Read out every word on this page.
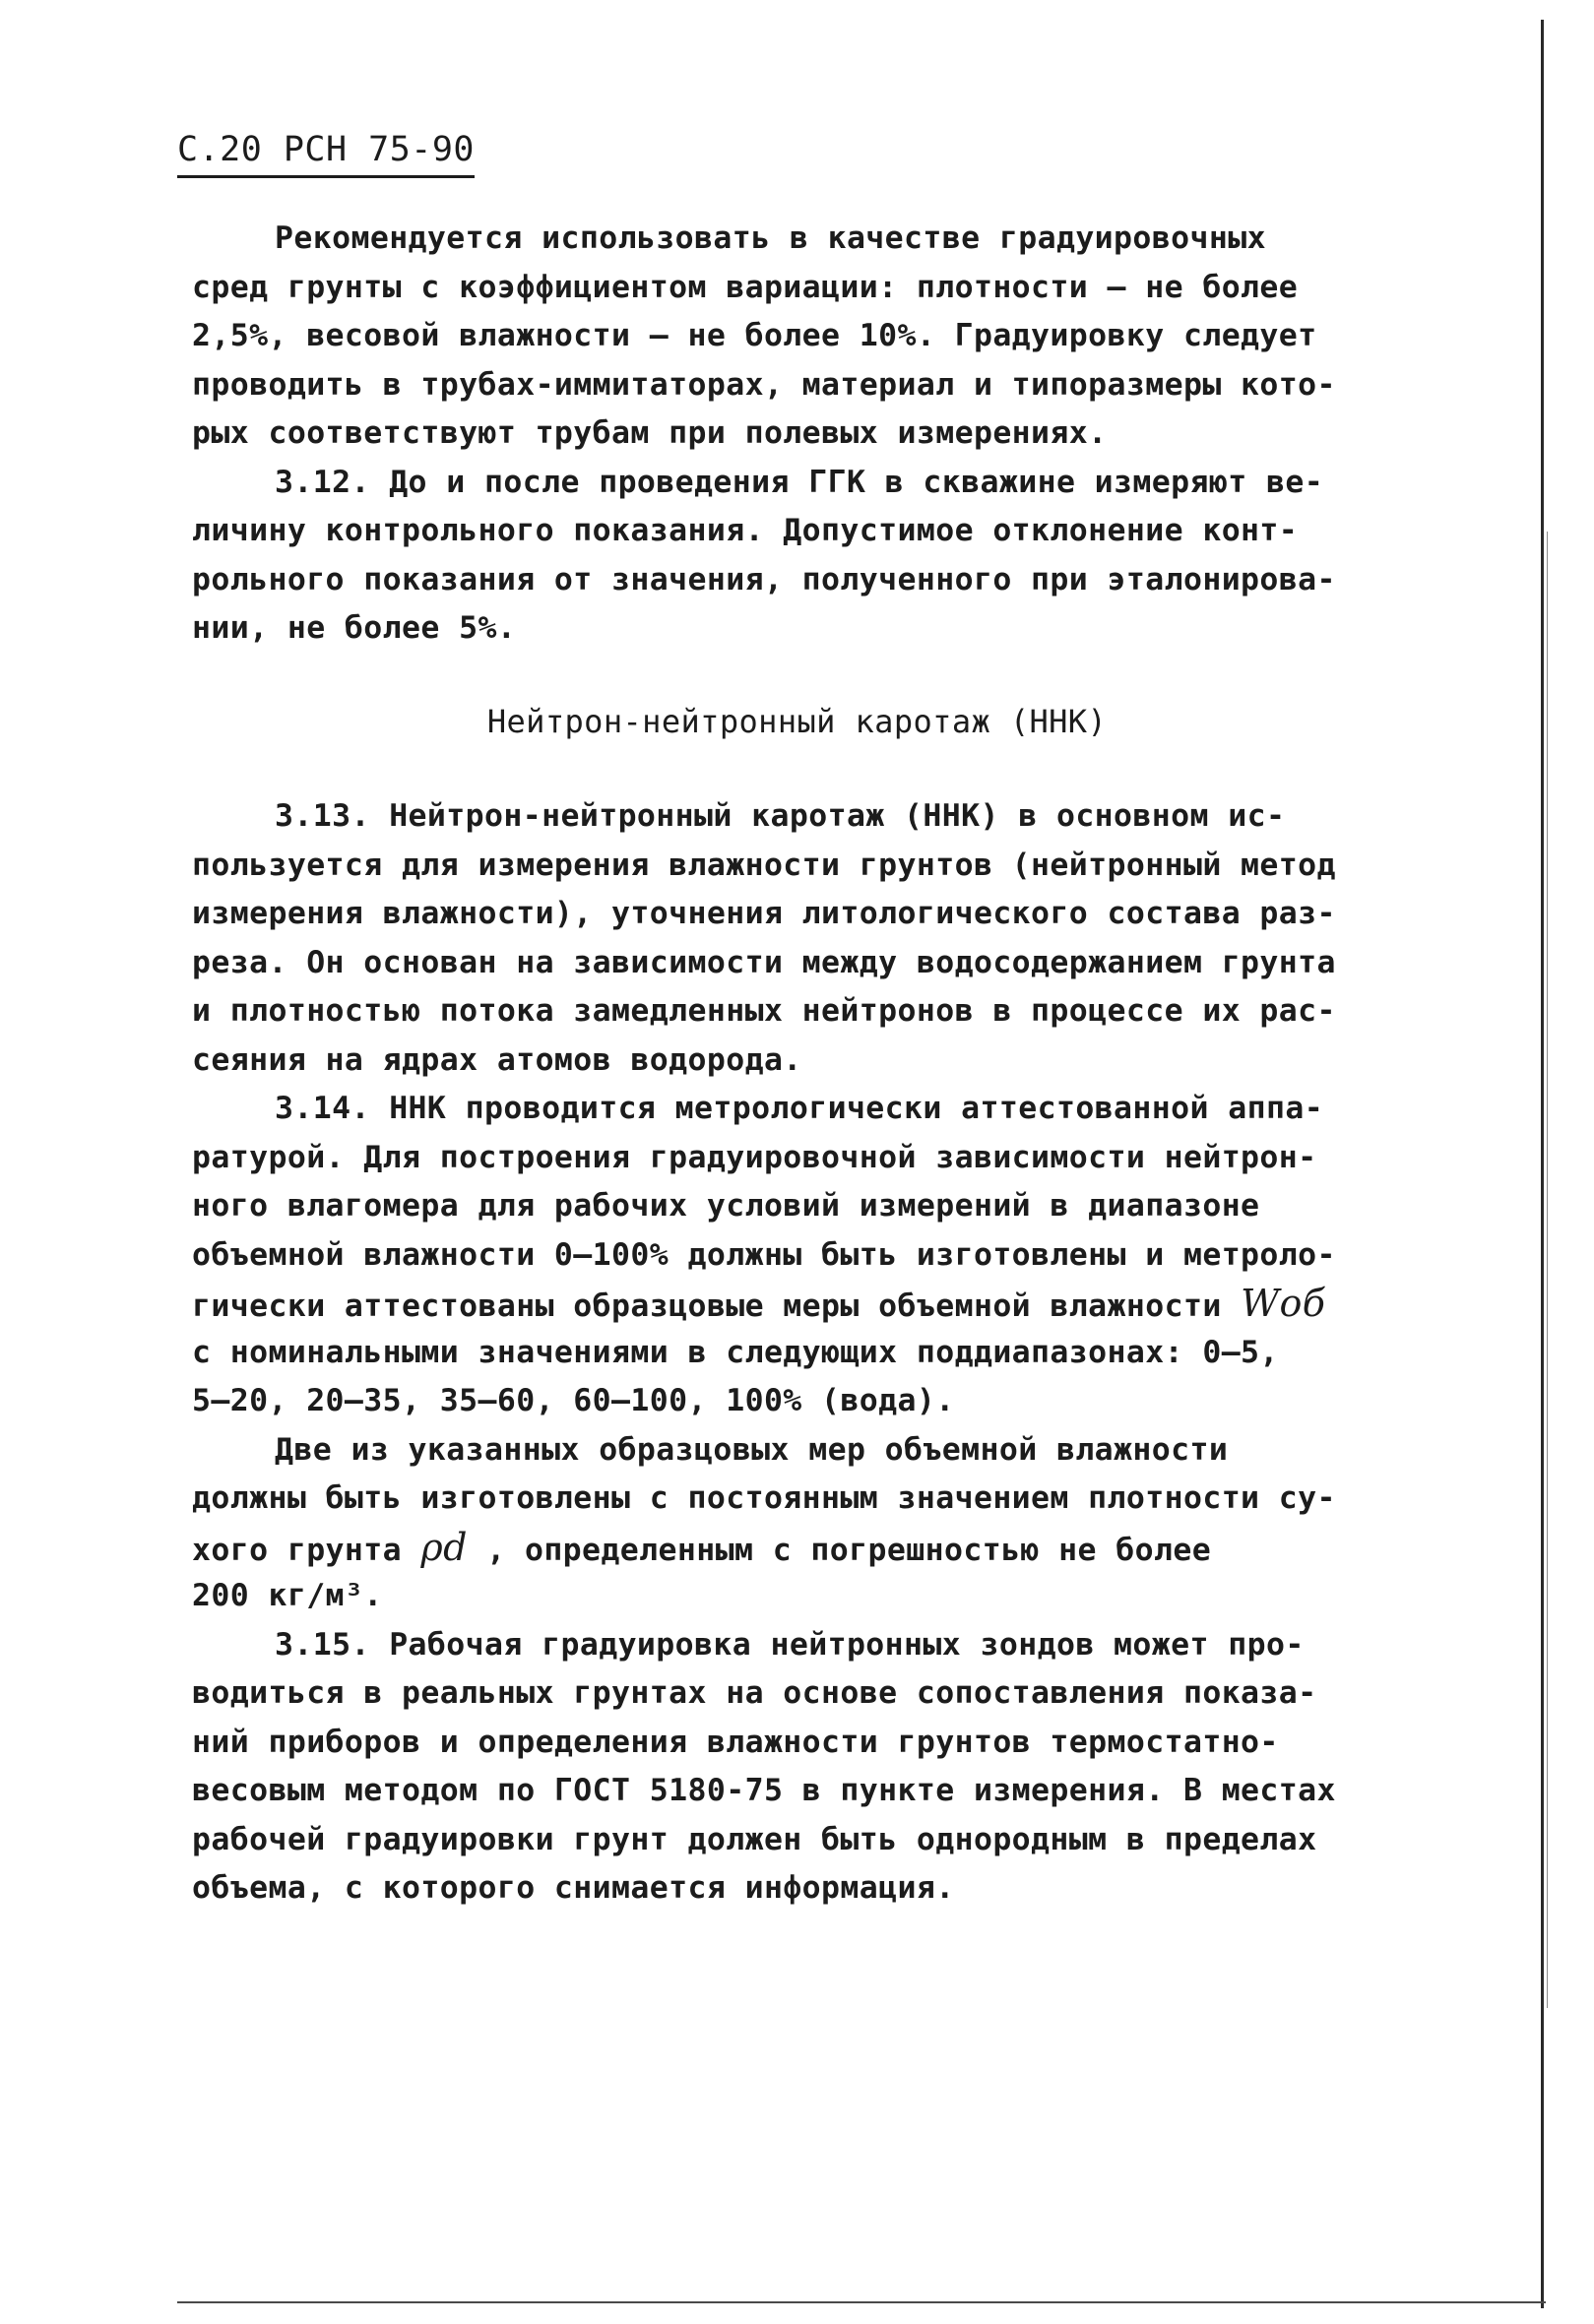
С.20 РСН 75-90
Рекомендуется использовать в качестве градуировочных
сред грунты с коэффициентом вариации: плотности – не более
2,5%, весовой влажности – не более 10%. Градуировку следует
проводить в трубах-иммитаторах, материал и типоразмеры кото-
рых соответствуют трубам при полевых измерениях.
3.12. До и после проведения ГГК в скважине измеряют ве-
личину контрольного показания. Допустимое отклонение конт-
рольного показания от значения, полученного при эталонирова-
нии, не более 5%.
Нейтрон-нейтронный каротаж (ННК)
3.13. Нейтрон-нейтронный каротаж (ННК) в основном ис-
пользуется для измерения влажности грунтов (нейтронный метод
измерения влажности), уточнения литологического состава раз-
реза. Он основан на зависимости между водосодержанием грунта
и плотностью потока замедленных нейтронов в процессе их рас-
сеяния на ядрах атомов водорода.
3.14. ННК проводится метрологически аттестованной аппа-
ратурой. Для построения градуировочной зависимости нейтрон-
ного влагомера для рабочих условий измерений в диапазоне
объемной влажности 0–100% должны быть изготовлены и метроло-
гически аттестованы образцовые меры объемной влажности Wоб
с номинальными значениями в следующих поддиапазонах: 0–5,
5–20, 20–35, 35–60, 60–100, 100% (вода).
Две из указанных образцовых мер объемной влажности
должны быть изготовлены с постоянным значением плотности су-
хого грунта ρd , определенным с погрешностью не более
200 кг/м³.
3.15. Рабочая градуировка нейтронных зондов может про-
водиться в реальных грунтах на основе сопоставления показа-
ний приборов и определения влажности грунтов термостатно-
весовым методом по ГОСТ 5180-75 в пункте измерения. В местах
рабочей градуировки грунт должен быть однородным в пределах
объема, с которого снимается информация.
